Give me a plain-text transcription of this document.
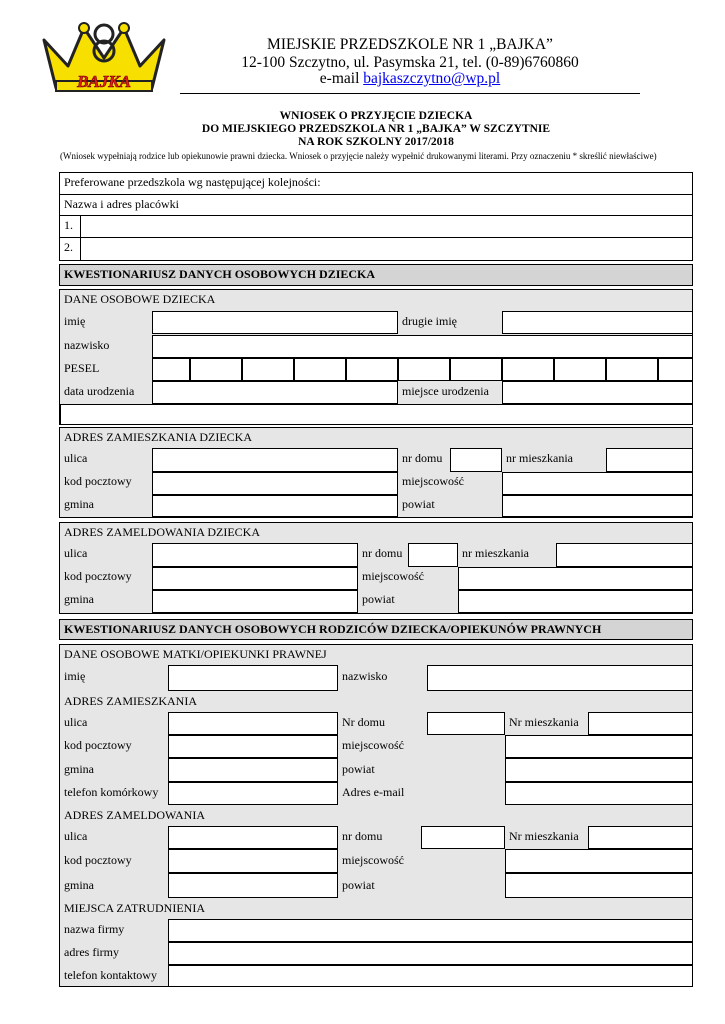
BAJKA
MIEJSKIE PRZEDSZKOLE NR 1 „BAJKA”
12-100 Szczytno, ul. Pasymska 21, tel. (0-89)6760860
e-mail bajkaszczytno@wp.pl
WNIOSEK O PRZYJĘCIE DZIECKA
DO MIEJSKIEGO PRZEDSZKOLA NR 1 „BAJKA” W SZCZYTNIE
NA ROK SZKOLNY 2017/2018
(Wniosek wypełniają rodzice lub opiekunowie prawni dziecka. Wniosek o przyjęcie należy wypełnić drukowanymi literami. Przy oznaczeniu * skreślić niewłaściwe)
Preferowane przedszkola wg następującej kolejności:
Nazwa i adres placówki
1.
2.
KWESTIONARIUSZ DANYCH OSOBOWYCH DZIECKA
DANE OSOBOWE DZIECKA
imię	drugie imię
nazwisko
PESEL
data urodzenia	miejsce urodzenia
ADRES ZAMIESZKANIA DZIECKA
ulica	nr domu	nr mieszkania
kod pocztowy	miejscowość
gmina	powiat
ADRES ZAMELDOWANIA DZIECKA
ulica	nr domu	nr mieszkania
kod pocztowy	miejscowość
gmina	powiat
KWESTIONARIUSZ DANYCH OSOBOWYCH RODZICÓW DZIECKA/OPIEKUNÓW PRAWNYCH
DANE OSOBOWE MATKI/OPIEKUNKI PRAWNEJ
imię	nazwisko
ADRES ZAMIESZKANIA
ulica	Nr domu	Nr mieszkania
kod pocztowy	miejscowość
gmina	powiat
telefon komórkowy	Adres e-mail
ADRES ZAMELDOWANIA
ulica	nr domu	Nr mieszkania
kod pocztowy	miejscowość
gmina	powiat
MIEJSCA ZATRUDNIENIA
nazwa firmy
adres firmy
telefon kontaktowy
